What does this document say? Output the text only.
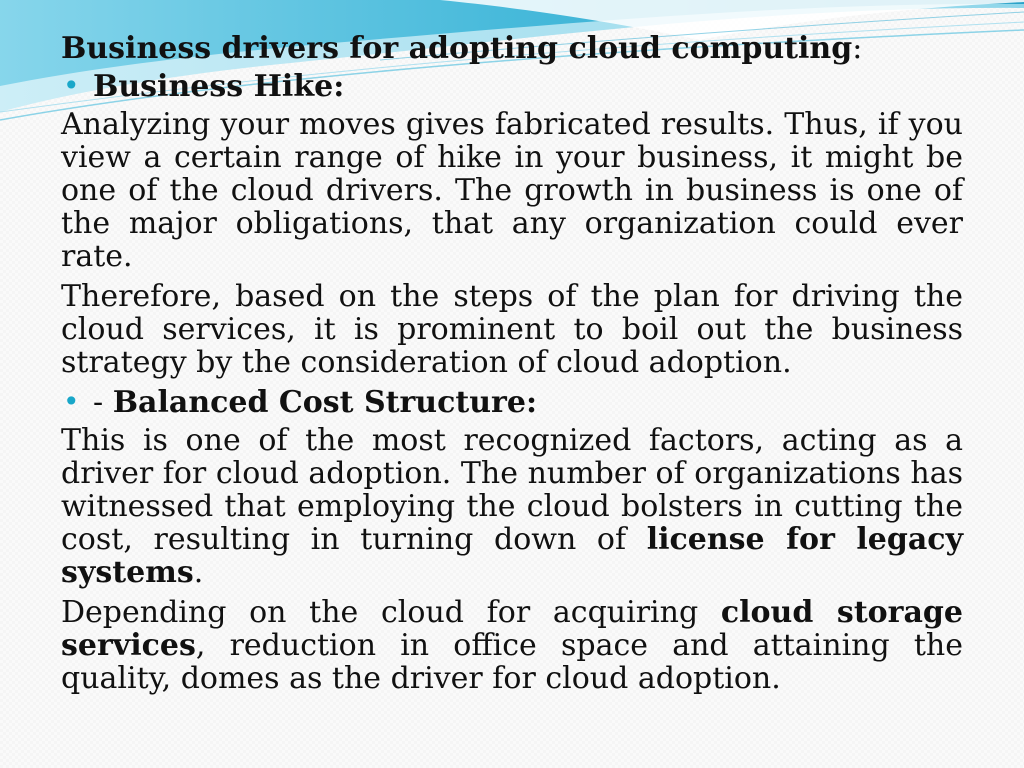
Business drivers for adopting cloud computing:
• Business Hike:

Analyzing your moves gives fabricated results. Thus, if you view a certain range of hike in your business, it might be one of the cloud drivers. The growth in business is one of the major obligations, that any organization could ever rate.

Therefore, based on the steps of the plan for driving the cloud services, it is prominent to boil out the business strategy by the consideration of cloud adoption.

• - Balanced Cost Structure:

This is one of the most recognized factors, acting as a driver for cloud adoption. The number of organizations has witnessed that employing the cloud bolsters in cutting the cost, resulting in turning down of license for legacy systems.

Depending on the cloud for acquiring cloud storage services, reduction in office space and attaining the quality, domes as the driver for cloud adoption.
